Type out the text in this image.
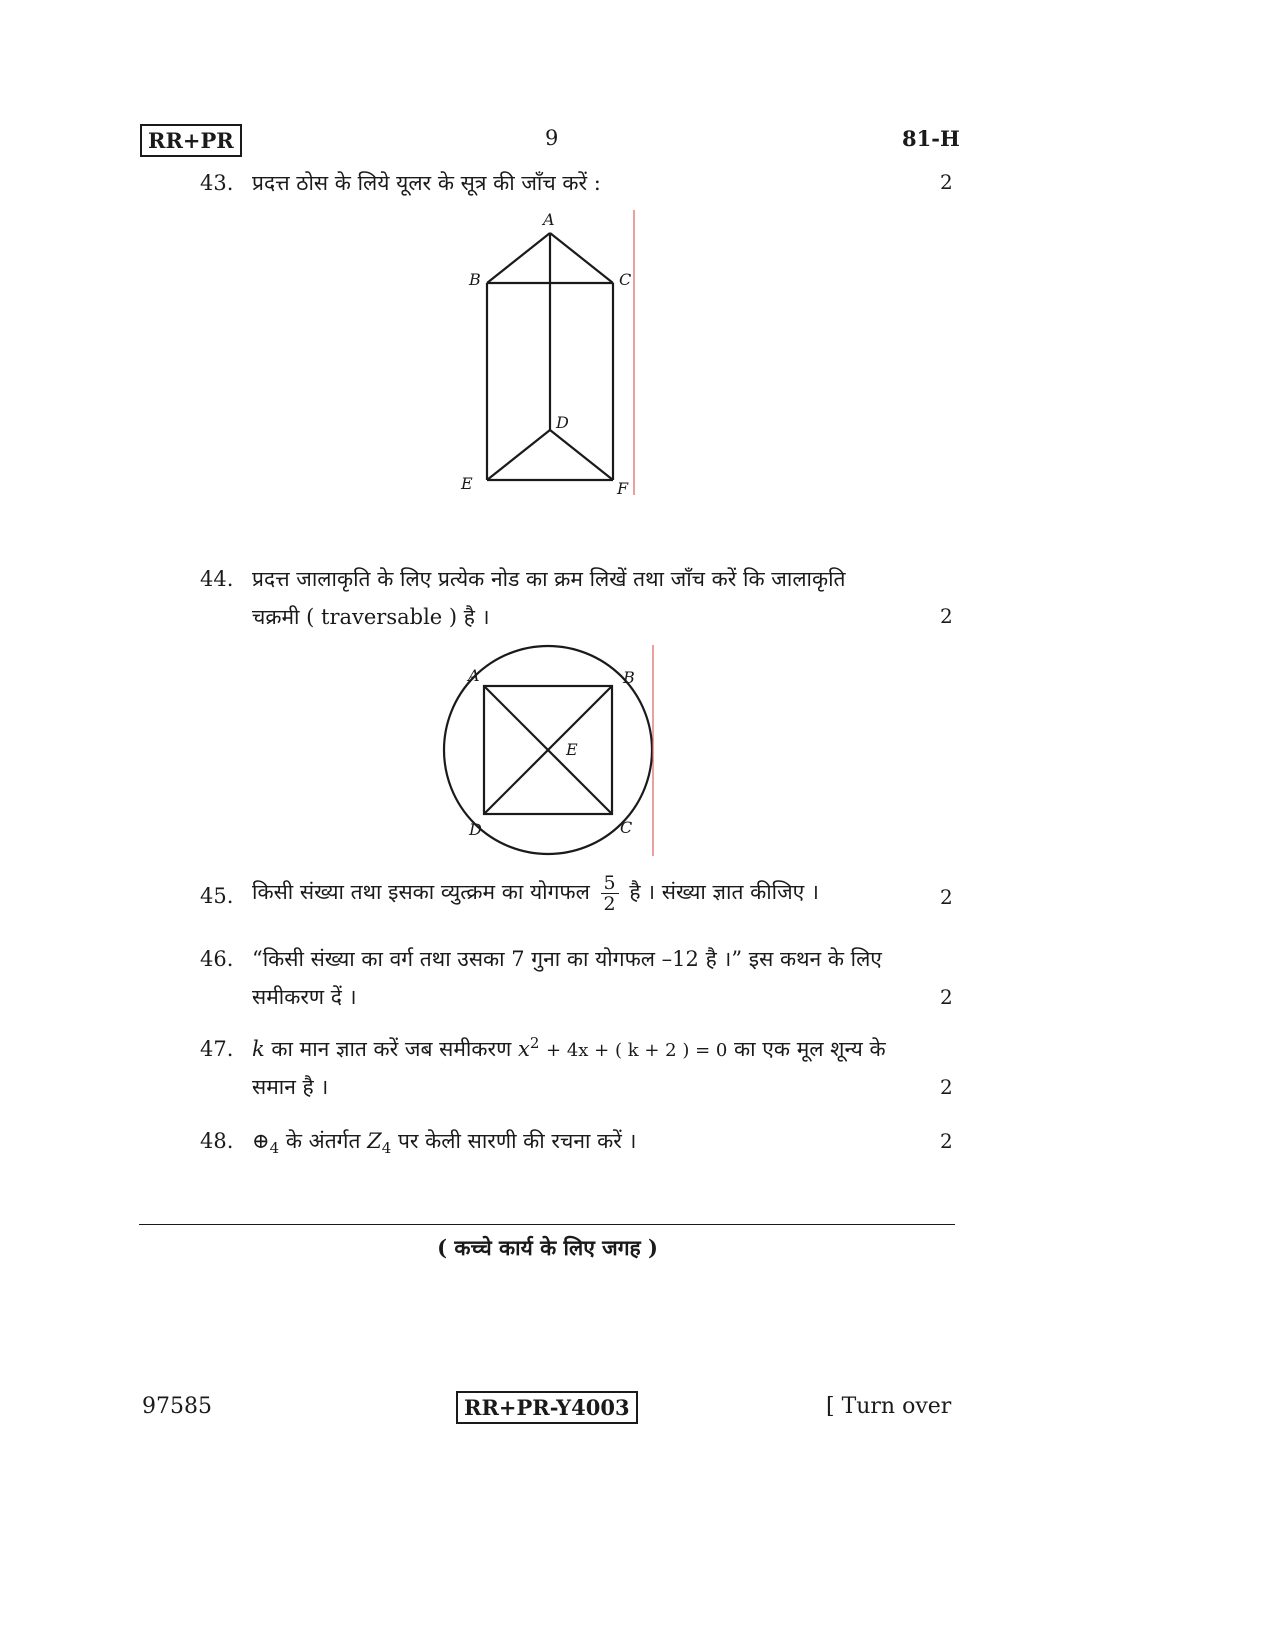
RR+PR	9	81-H
43. प्रदत्त ठोस के लिये यूलर के सूत्र की जाँच करें :	2
A
B	C
D
E	F
44. प्रदत्त जालाकृति के लिए प्रत्येक नोड का क्रम लिखें तथा जाँच करें कि जालाकृति
चक्रमी ( traversable ) है ।	2
A	B
C
D
E
45. किसी संख्या तथा इसका व्युत्क्रम का योगफल $\frac{5}{2}$ है । संख्या ज्ञात कीजिए ।	2
46. “किसी संख्या का वर्ग तथा उसका 7 गुना का योगफल –12 है ।” इस कथन के लिए
समीकरण दें ।	2
47. k का मान ज्ञात करें जब समीकरण $x^2 + 4x$ + ( k + 2 ) = 0 का एक मूल शून्य के
समान है ।	2
48. $\oplus_4$ के अंतर्गत $Z_4$ पर केली सारणी की रचना करें ।	2
( कच्चे कार्य के लिए जगह )
97585	RR+PR-Y4003	[ Turn over
